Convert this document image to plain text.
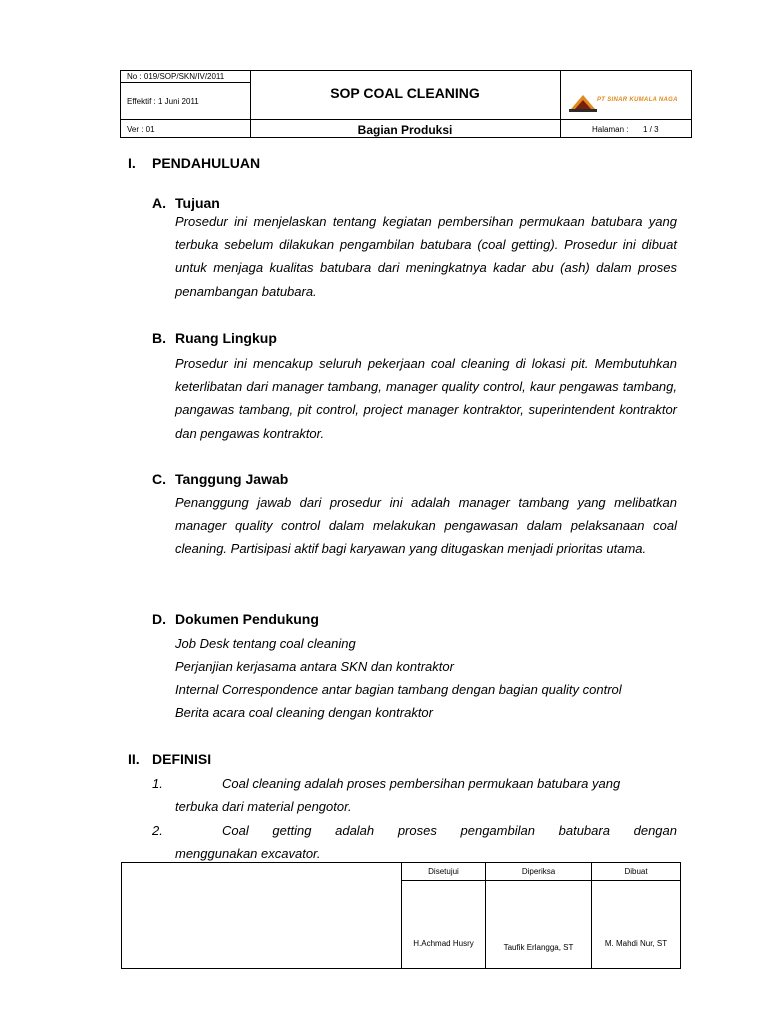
No : 019/SOP/SKN/IV/2011
Effektif : 1 Juni 2011
Ver : 01
SOP COAL CLEANING
Bagian Produksi
PT SINAR KUMALA NAGA
Halaman : 1 / 3
I. PENDAHULUAN
A. Tujuan
Prosedur ini menjelaskan tentang kegiatan pembersihan permukaan batubara yang terbuka sebelum dilakukan pengambilan batubara (coal getting). Prosedur ini dibuat untuk menjaga kualitas batubara dari meningkatnya kadar abu (ash) dalam proses penambangan batubara.
B. Ruang Lingkup
Prosedur ini mencakup seluruh pekerjaan coal cleaning di lokasi pit. Membutuhkan keterlibatan dari manager tambang, manager quality control, kaur pengawas tambang, pangawas tambang, pit control, project manager kontraktor, superintendent kontraktor dan pengawas kontraktor.
C. Tanggung Jawab
Penanggung jawab dari prosedur ini adalah manager tambang yang melibatkan manager quality control dalam melakukan pengawasan dalam pelaksanaan coal cleaning. Partisipasi aktif bagi karyawan yang ditugaskan menjadi prioritas utama.
D. Dokumen Pendukung
Job Desk tentang coal cleaning
Perjanjian kerjasama antara SKN dan kontraktor
Internal Correspondence antar bagian tambang dengan bagian quality control
Berita acara coal cleaning dengan kontraktor
II. DEFINISI
1.	Coal cleaning adalah proses pembersihan permukaan batubara yang
terbuka dari material pengotor.
2.	Coal getting adalah proses pengambilan batubara dengan
menggunakan excavator.
Disetujui	Diperiksa	Dibuat
H.Achmad Husry	Taufik Erlangga, ST	M. Mahdi Nur, ST
